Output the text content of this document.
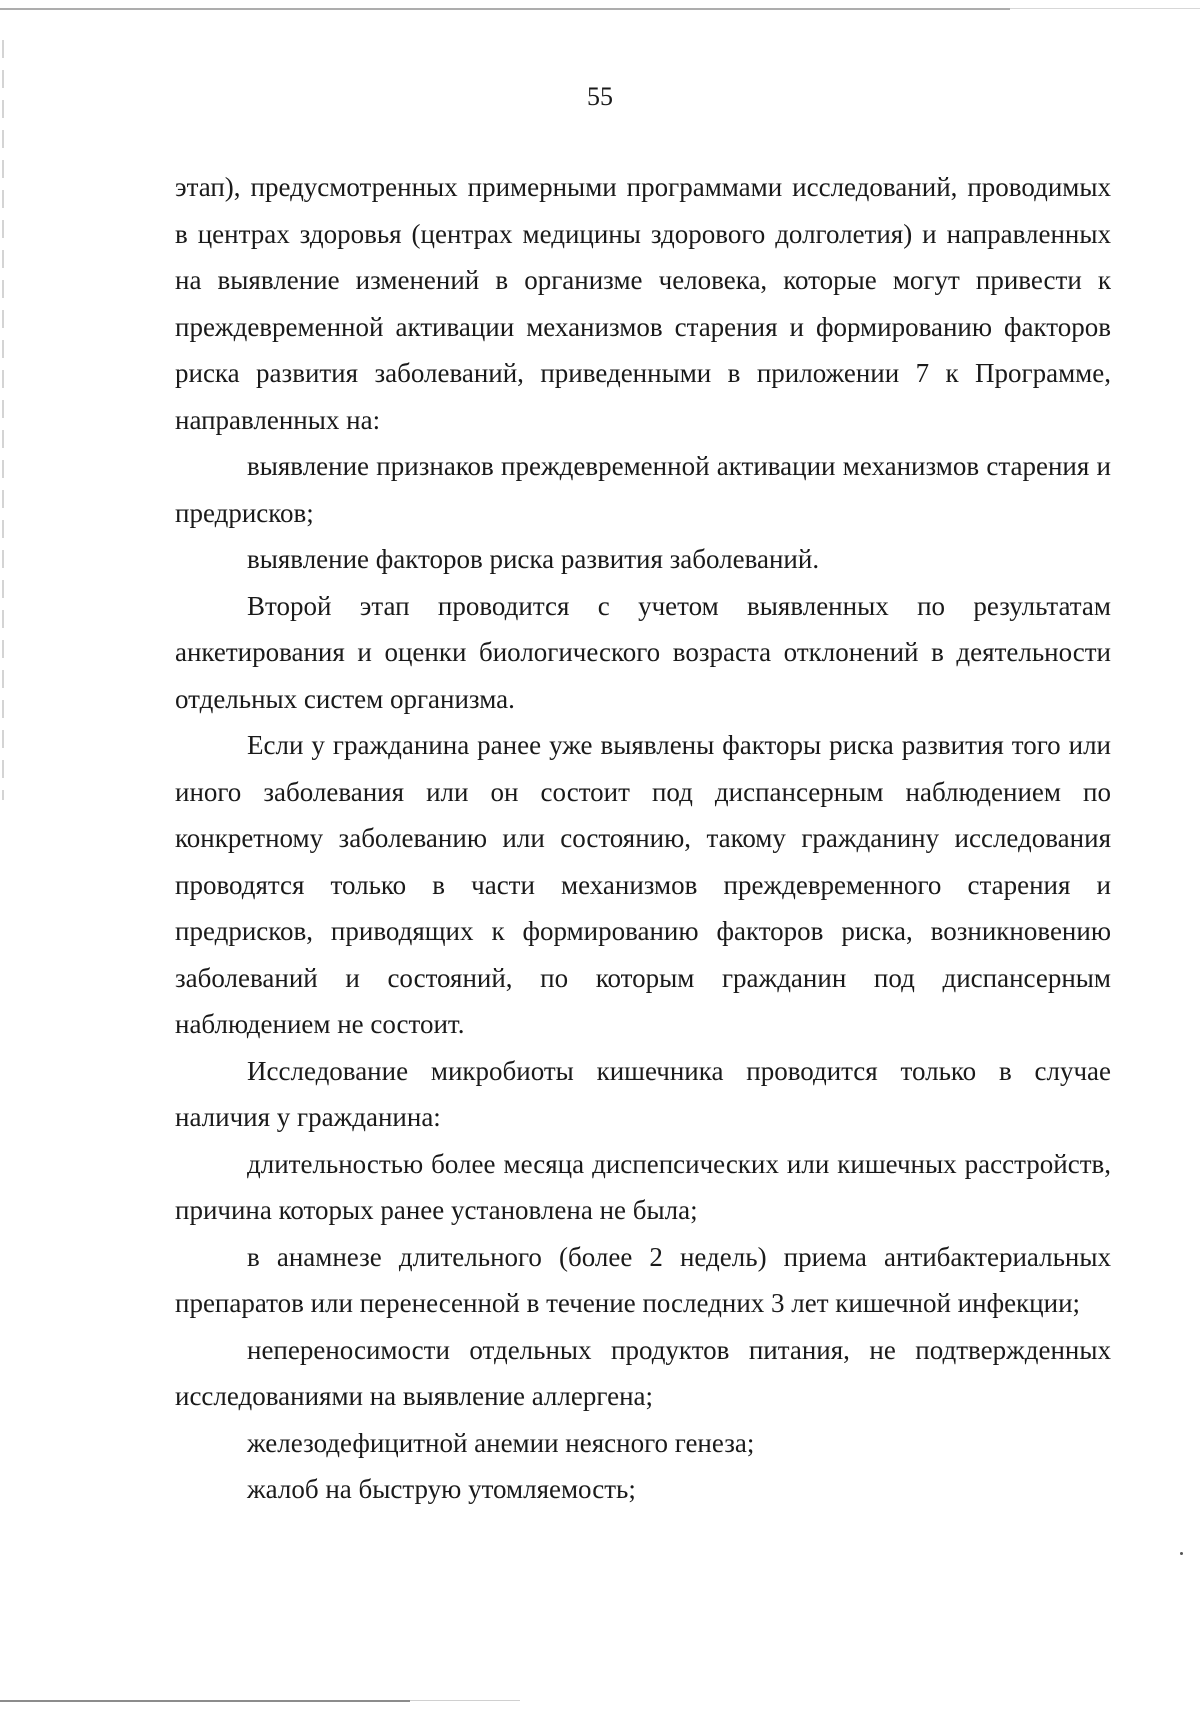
55

этап), предусмотренных примерными программами исследований, проводимых в центрах здоровья (центрах медицины здорового долголетия) и направленных на выявление изменений в организме человека, которые могут привести к преждевременной активации механизмов старения и формированию факторов риска развития заболеваний, приведенными в приложении 7 к Программе, направленных на:

выявление признаков преждевременной активации механизмов старения и предрисков;

выявление факторов риска развития заболеваний.

Второй этап проводится с учетом выявленных по результатам анкетирования и оценки биологического возраста отклонений в деятельности отдельных систем организма.

Если у гражданина ранее уже выявлены факторы риска развития того или иного заболевания или он состоит под диспансерным наблюдением по конкретному заболеванию или состоянию, такому гражданину исследования проводятся только в части механизмов преждевременного старения и предрисков, приводящих к формированию факторов риска, возникновению заболеваний и состояний, по которым гражданин под диспансерным наблюдением не состоит.

Исследование микробиоты кишечника проводится только в случае наличия у гражданина:

длительностью более месяца диспепсических или кишечных расстройств, причина которых ранее установлена не была;

в анамнезе длительного (более 2 недель) приема антибактериальных препаратов или перенесенной в течение последних 3 лет кишечной инфекции;

непереносимости отдельных продуктов питания, не подтвержденных исследованиями на выявление аллергена;

железодефицитной анемии неясного генеза;

жалоб на быструю утомляемость;
